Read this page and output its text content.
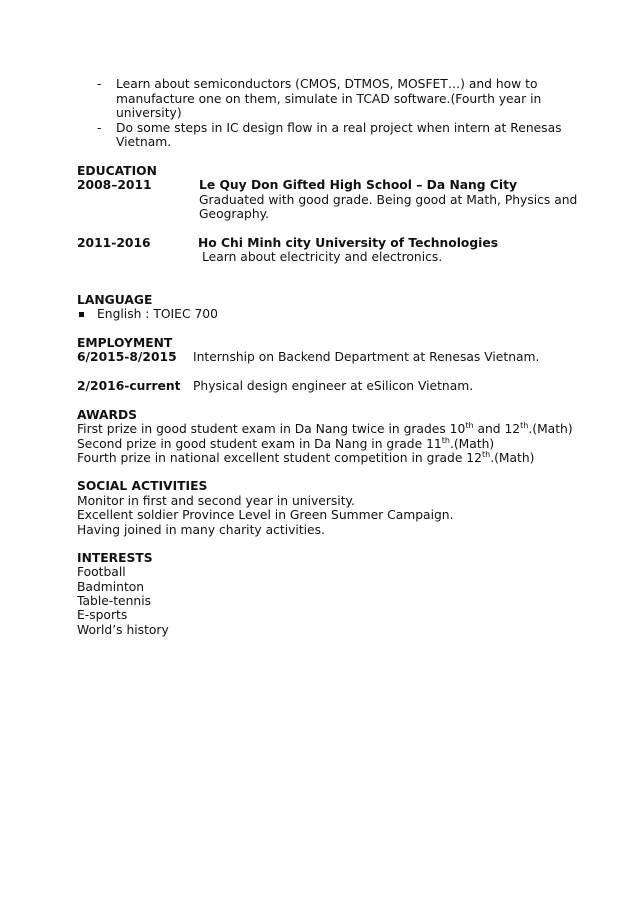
- Learn about semiconductors (CMOS, DTMOS, MOSFET…) and how to
manufacture one on them, simulate in TCAD software.(Fourth year in
university)
- Do some steps in IC design flow in a real project when intern at Renesas
Vietnam.
EDUCATION
2008–2011	Le Quy Don Gifted High School – Da Nang City
Graduated with good grade. Being good at Math, Physics and
Geography.
2011-2016	Ho Chi Minh city University of Technologies
Learn about electricity and electronics.
LANGUAGE
English : TOIEC 700
EMPLOYMENT
6/2015-8/2015 Internship on Backend Department at Renesas Vietnam.
2/2016-current Physical design engineer at eSilicon Vietnam.
AWARDS
First prize in good student exam in Da Nang twice in grades 10th and 12th.(Math)
Second prize in good student exam in Da Nang in grade 11th.(Math)
Fourth prize in national excellent student competition in grade 12th.(Math)
SOCIAL ACTIVITIES
Monitor in first and second year in university.
Excellent soldier Province Level in Green Summer Campaign.
Having joined in many charity activities.
INTERESTS
Football
Badminton
Table-tennis
E-sports
World’s history
